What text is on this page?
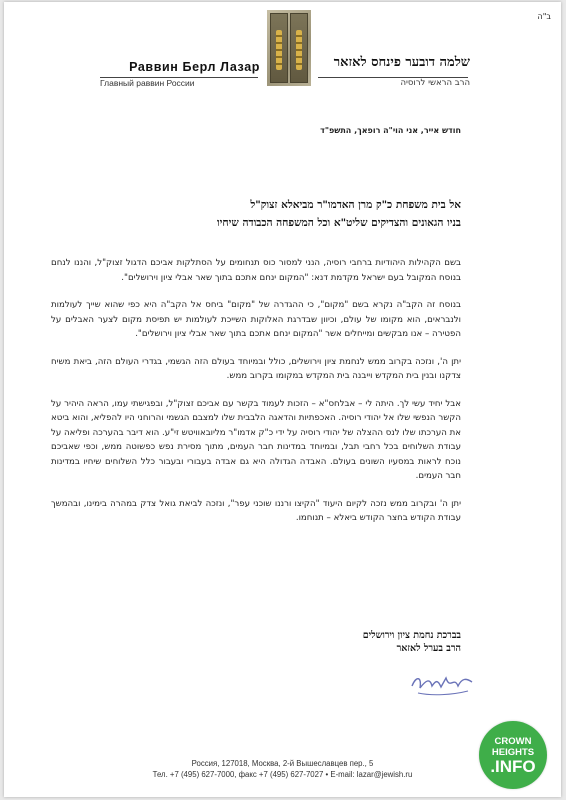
ב"ה
Раввин Берл Лазар
Главный раввин России
שלמה דובער פינחס לאזאר
הרב הראשי לרוסיה
חודש אייר, אני הוי"ה רופאך, התשפ"ד
אל בית משפחת כ"ק מרן האדמו"ר מביאלא זצוק"ל
בניו הגאונים והצדיקים שליט"א וכל המשפחה הכבודה שיחיו

בשם הקהילות היהודיות ברחבי רוסיה, הנני למסור כוס תנחומים על הסתלקות אביכם הדגול זצוק"ל, והננו לנחם בנוסח המקובל בעם ישראל מקדמת דנא: "המקום ינחם אתכם בתוך שאר אבלי ציון וירושלים".

בנוסח זה הקב"ה נקרא בשם "מקום", כי ההגדרה של "מקום" ביחס אל הקב"ה היא כפי שהוא שייך לעולמות ולנבראים, הוא מקומו של עולם, וכיוון שבדרגת האלוקות השייכת לעולמות יש תפיסת מקום לצער האבלים על הפטירה – אנו מבקשים ומייחלים אשר "המקום ינחם אתכם בתוך שאר אבלי ציון וירושלים".

יתן ה', ונזכה בקרוב ממש לנחמת ציון וירושלים, כולל ובמיוחד בעולם הזה הגשמי, בגדרי העולם הזה, ביאת משיח צדקנו ובנין בית המקדש וייבנה בית המקדש במקומו בקרוב ממש.

אבל יחיד עשי לך. היתה לי – אבלחס"א – הזכות לעמוד בקשר עם אביכם זצוק"ל, ובפגישתי עמו, הראה היהיר על הקשר הנפשי שלו אל יהודי רוסיה. האכפתיות והדאגה הלבבית שלו למצבם הגשמי והרוחני היו להפליא, והוא ביטא את הערכתו שלו לנס ההצלה של יהודי רוסיה על ידי כ"ק אדמו"ר מליובאוויטש זי"ע. הוא דיבר בהערכה ופליאה על עבודת השלוחים בכל רחבי תבל, ובמיוחד במדינות חבר העמים, מתוך מסירת נפש כפשוטה ממש, וכפי שאביכם נוכח לראות במסעיו השונים בעולם. האבדה הגדולה היא גם אבדה בעבורי ובעבור כלל השלוחים שיחיו במדינות חבר העמים.

יתן ה' ובקרוב ממש נזכה לקיום היעוד "הקיצו ורננו שוכני עפר", ונזכה לביאת גואל צדק במהרה בימינו, ובהמשך עבודת הקודש בחצר הקודש ביאלא – תנוחמו.

בברכת נחמת ציון וירושלים
הרב בערל לאזאר
Россия, 127018, Москва, 2-й Вышеславцев пер., 5
Тел. +7 (495) 627-7000, факс +7 (495) 627-7027 • E-mail: lazar@jewish.ru
CROWN
HEIGHTS
.INFO
